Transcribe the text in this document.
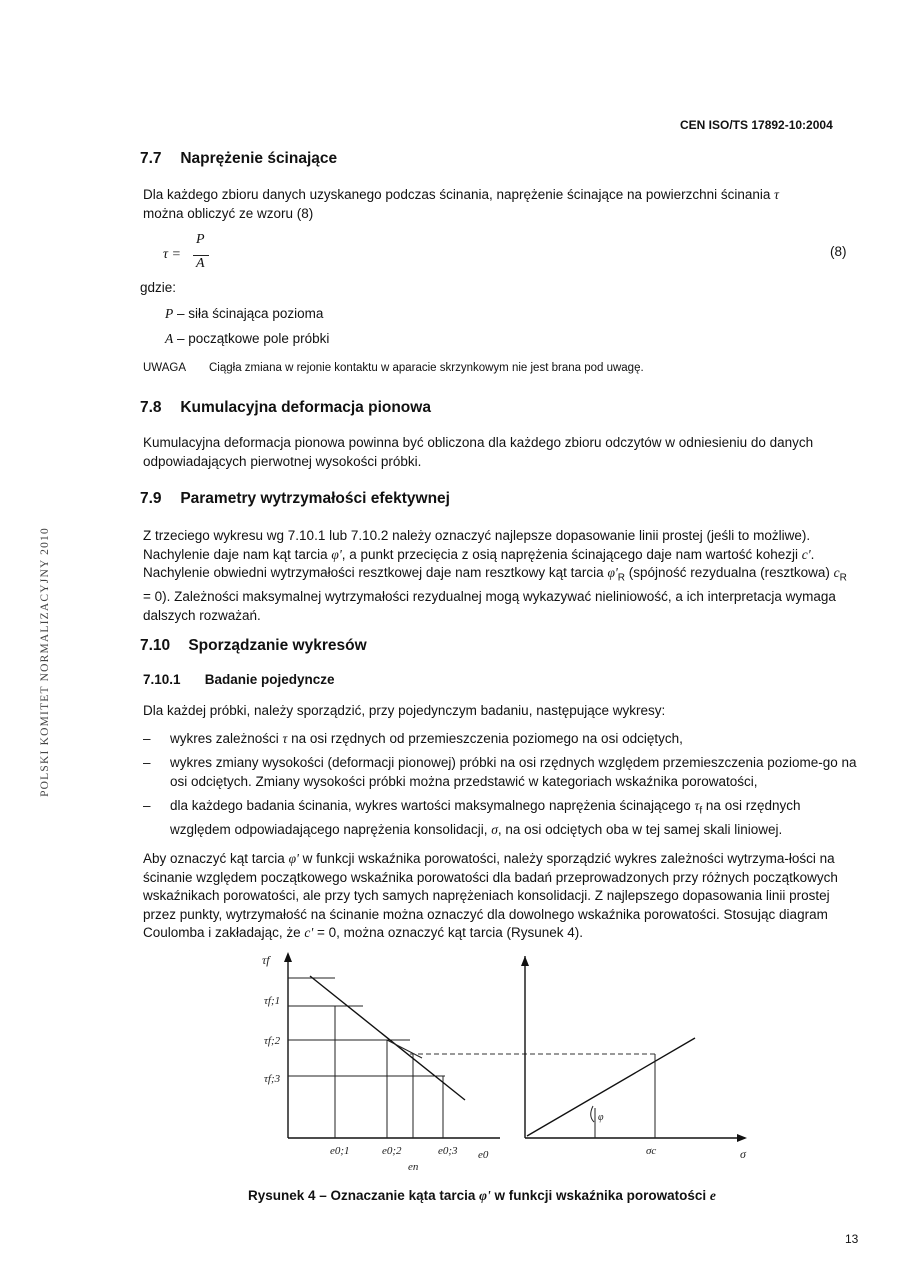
CEN ISO/TS 17892-10:2004
POLSKI KOMITET NORMALIZACYJNY 2010
7.7 Naprężenie ścinające

Dla każdego zbioru danych uzyskanego podczas ścinania, naprężenie ścinające na powierzchni ścinania τ

można obliczyć ze wzoru (8)

τ =
P
A
(8)
gdzie:
P – siła ścinająca pozioma
A – początkowe pole próbki
UWAGA Ciągła zmiana w rejonie kontaktu w aparacie skrzynkowym nie jest brana pod uwagę.
7.8 Kumulacyjna deformacja pionowa

Kumulacyjna deformacja pionowa powinna być obliczona dla każdego zbioru odczytów w odniesieniu do danych odpowiadających pierwotnej wysokości próbki.

7.9 Parametry wytrzymałości efektywnej

Z trzeciego wykresu wg 7.10.1 lub 7.10.2 należy oznaczyć najlepsze dopasowanie linii prostej (jeśli to możliwe). Nachylenie daje nam kąt tarcia φ', a punkt przecięcia z osią naprężenia ścinającego daje nam wartość kohezji c'. Nachylenie obwiedni wytrzymałości resztkowej daje nam resztkowy kąt tarcia $\varphi'_R$ (spójność rezydualna (resztkowa) $c_R = 0$). Zależności maksymalnej wytrzymałości rezydualnej mogą wykazywać nieliniowość, a ich interpretacja wymaga dalszych rozważań.

7.10 Sporządzanie wykresów
7.10.1 Badanie pojedyncze

Dla każdej próbki, należy sporządzić, przy pojedynczym badaniu, następujące wykresy:

– wykres zależności τ na osi rzędnych od przemieszczenia poziomego na osi odciętych,
– wykres zmiany wysokości (deformacji pionowej) próbki na osi rzędnych względem przemieszczenia poziome-go na osi odciętych. Zmiany wysokości próbki można przedstawić w kategoriach wskaźnika porowatości,
– dla każdego badania ścinania, wykres wartości maksymalnego naprężenia ścinającego $\tau_f$ na osi rzędnych względem odpowiadającego naprężenia konsolidacji, σ, na osi odciętych oba w tej samej skali liniowej.

Aby oznaczyć kąt tarcia φ' w funkcji wskaźnika porowatości, należy sporządzić wykres zależności wytrzyma-łości na ścinanie względem początkowego wskaźnika porowatości dla badań przeprowadzonych przy różnych początkowych wskaźnikach porowatości, ale przy tych samych naprężeniach konsolidacji. Z najlepszego dopasowania linii prostej przez punkty, wytrzymałość na ścinanie można oznaczyć dla dowolnego wskaźnika porowatości. Stosując diagram Coulomba i zakładając, że c' = 0, można oznaczyć kąt tarcia (Rysunek 4).

τf
τf;1
τf;2
τf;3
e0;1	e0;2	e0;3 e0
en
σc	σ
φ
Rysunek 4 – Oznaczanie kąta tarcia φ' w funkcji wskaźnika porowatości e
13
